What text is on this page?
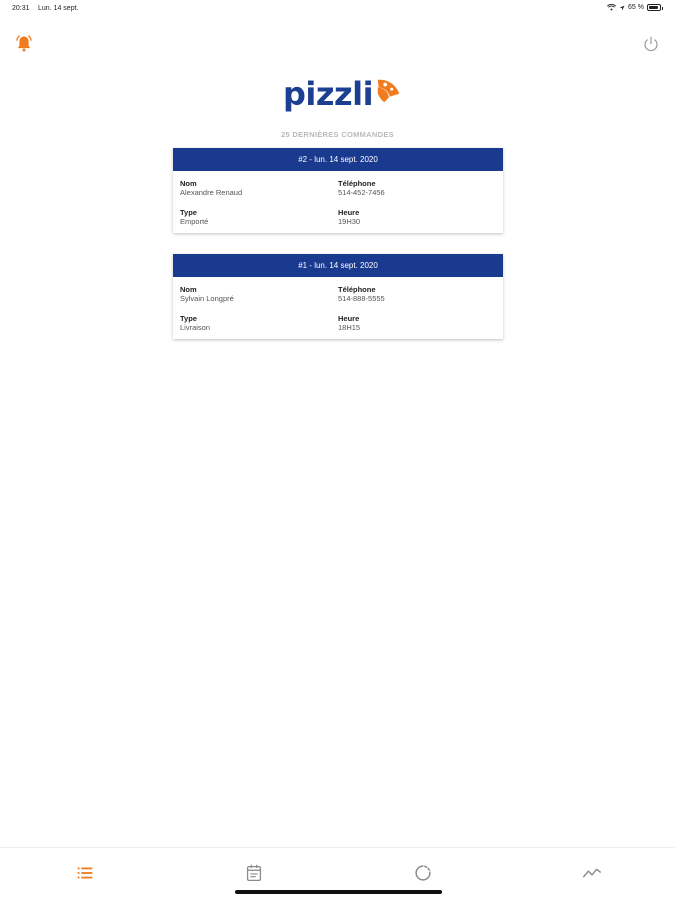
20:31 Lun. 14 sept.	65 %
pizzli
25 DERNIÈRES COMMANDES
#2 - lun. 14 sept. 2020
Nom
Alexandre Renaud
Téléphone
514-452-7456
Type
Emporté
Heure
19H30
#1 - lun. 14 sept. 2020
Nom
Sylvain Longpré
Téléphone
514-888-5555
Type
Livraison
Heure
18H15
